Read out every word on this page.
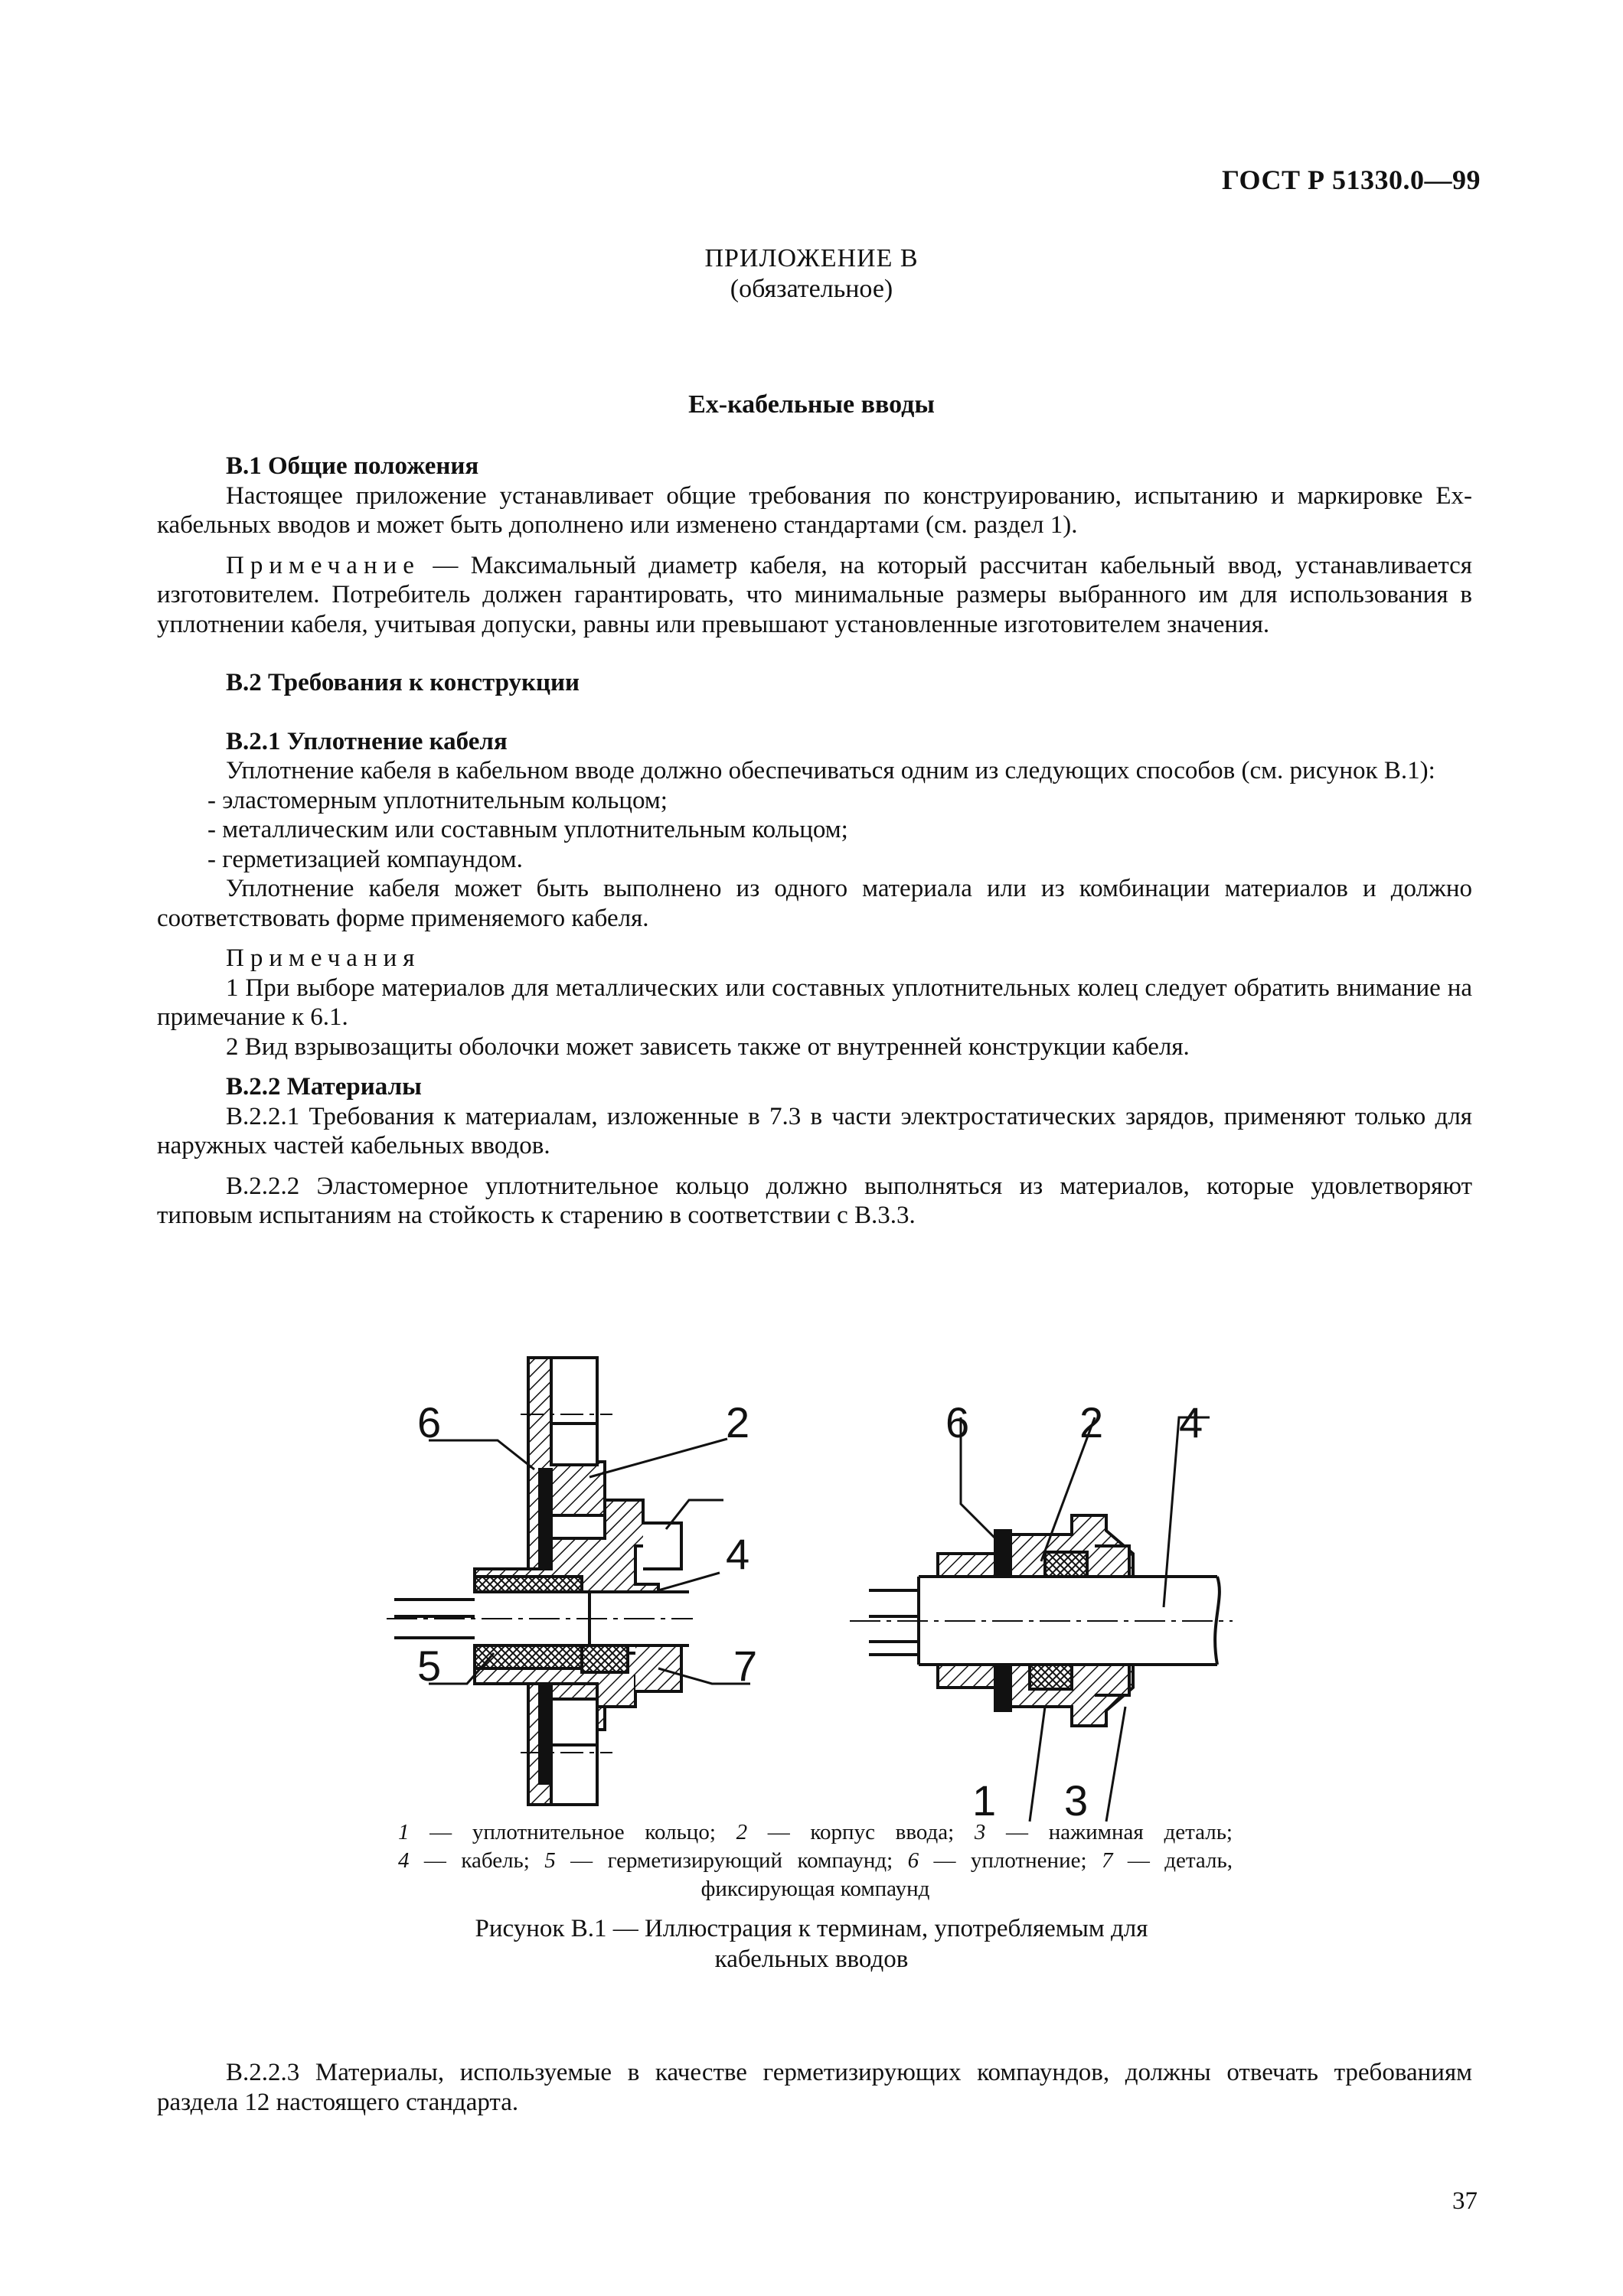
ГОСТ Р 51330.0—99
ПРИЛОЖЕНИЕ В
(обязательное)
Ех-кабельные вводы

В.1 Общие положения

Настоящее приложение устанавливает общие требования по конструированию, испытанию и маркировке Ех-кабельных вводов и может быть дополнено или изменено стандартами (см. раздел 1).

Примечание — Максимальный диаметр кабеля, на который рассчитан кабельный ввод, устанавливается изготовителем. Потребитель должен гарантировать, что минимальные размеры выбранного им для использования в уплотнении кабеля, учитывая допуски, равны или превышают установленные изготовителем значения.

В.2 Требования к конструкции

В.2.1 Уплотнение кабеля

Уплотнение кабеля в кабельном вводе должно обеспечиваться одним из следующих способов (см. рисунок В.1):

- эластомерным уплотнительным кольцом;

- металлическим или составным уплотнительным кольцом;

- герметизацией компаундом.

Уплотнение кабеля может быть выполнено из одного материала или из комбинации материалов и должно соответствовать форме применяемого кабеля.

Примечания

1 При выборе материалов для металлических или составных уплотнительных колец следует обратить внимание на примечание к 6.1.

2 Вид взрывозащиты оболочки может зависеть также от внутренней конструкции кабеля.

В.2.2 Материалы

В.2.2.1 Требования к материалам, изложенные в 7.3 в части электростатических зарядов, применяют только для наружных частей кабельных вводов.

В.2.2.2 Эластомерное уплотнительное кольцо должно выполняться из материалов, которые удовлетворяют типовым испытаниям на стойкость к старению в соответствии с В.3.3.

6	2
4
5	7
6	2 4
1 3

1 — уплотнительное кольцо; 2 — корпус ввода; 3 — нажимная деталь;

4 — кабель; 5 — герметизирующий компаунд; 6 — уплотнение; 7 — деталь,

фиксирующая компаунд

Рисунок В.1 — Иллюстрация к терминам, употребляемым для
кабельных вводов

В.2.2.3 Материалы, используемые в качестве герметизирующих компаундов, должны отвечать требованиям раздела 12 настоящего стандарта.

37
